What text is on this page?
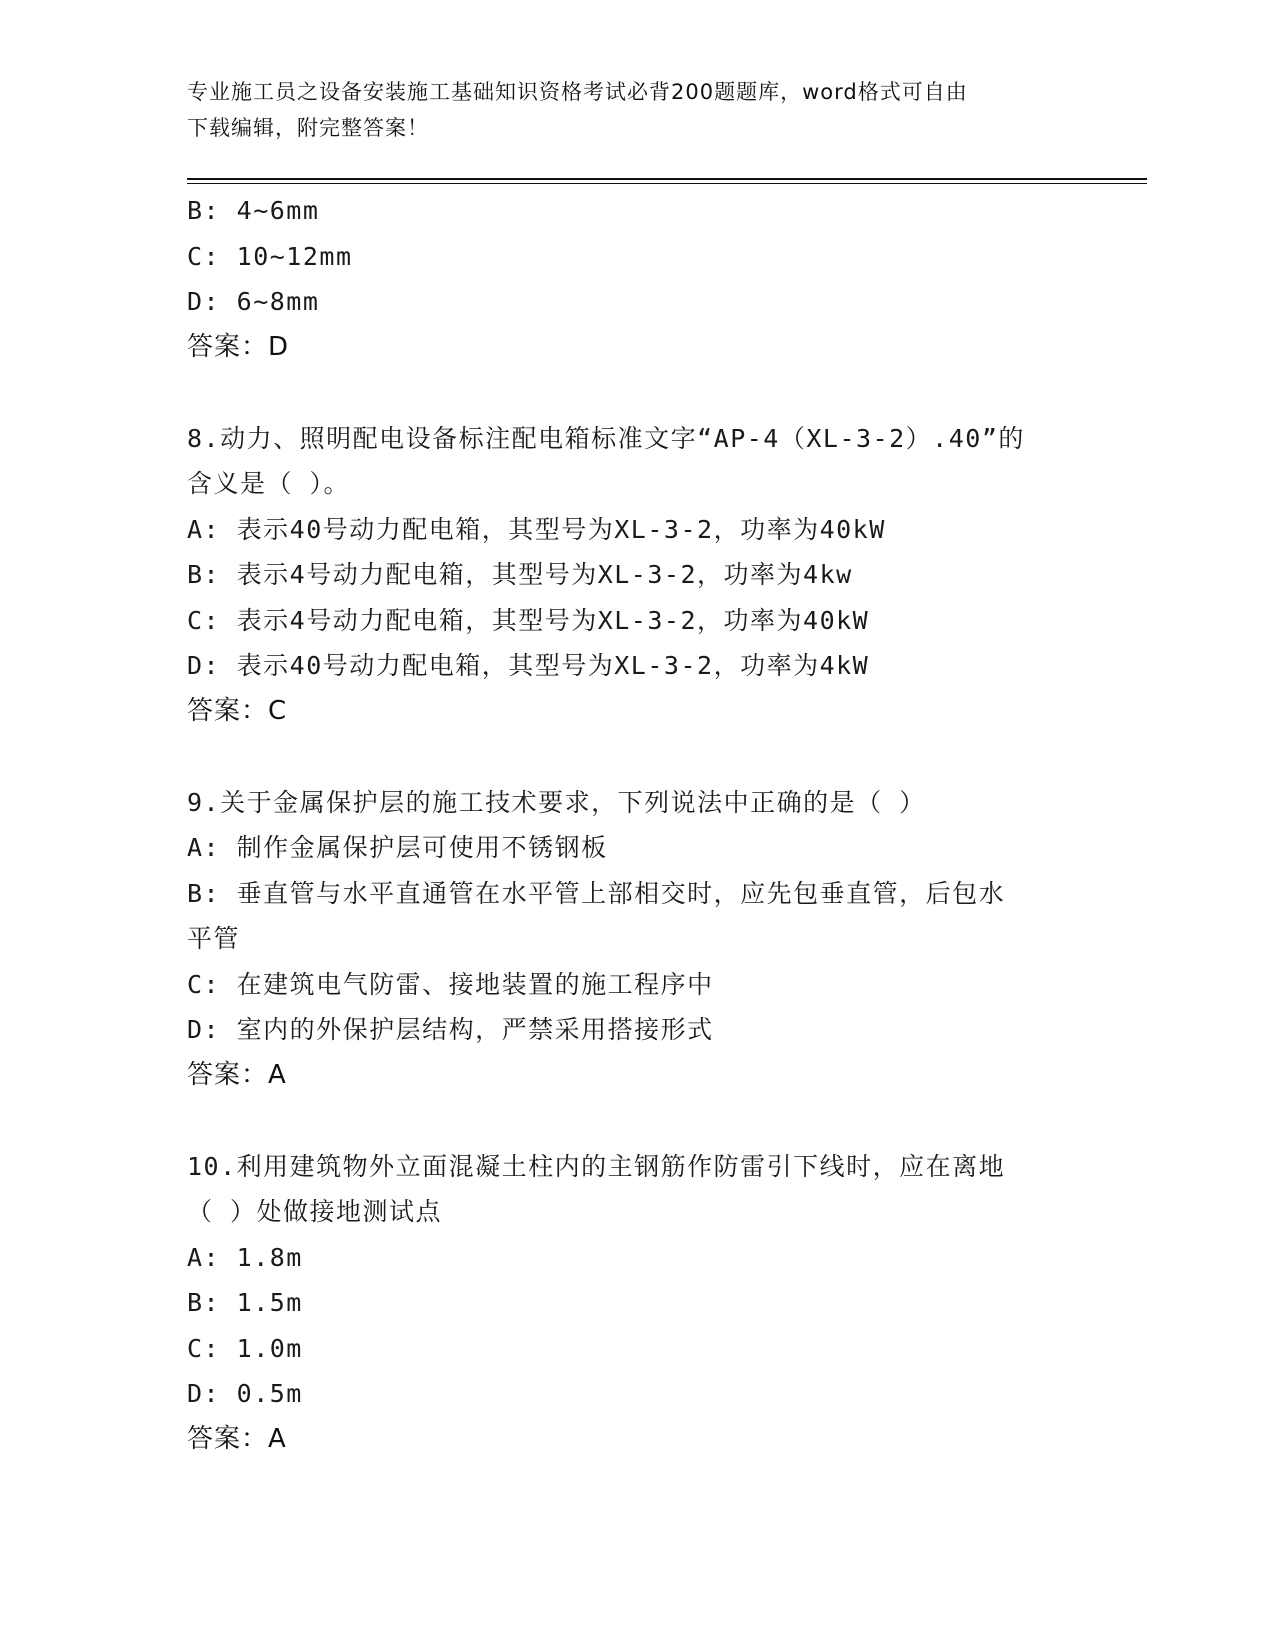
专业施工员之设备安装施工基础知识资格考试必背200题题库，word格式可自由
下载编辑，附完整答案！

B: 4~6mm

C: 10~12mm

D: 6~8mm

答案：D

8.动力、照明配电设备标注配电箱标准文字“AP-4（XL-3-2）.40”的

含义是（ ）。

A: 表示40号动力配电箱，其型号为XL-3-2，功率为40kW

B: 表示4号动力配电箱，其型号为XL-3-2，功率为4kw

C: 表示4号动力配电箱，其型号为XL-3-2，功率为40kW

D: 表示40号动力配电箱，其型号为XL-3-2，功率为4kW

答案：C

9.关于金属保护层的施工技术要求，下列说法中正确的是（ ）

A: 制作金属保护层可使用不锈钢板

B: 垂直管与水平直通管在水平管上部相交时，应先包垂直管，后包水

平管

C: 在建筑电气防雷、接地装置的施工程序中

D: 室内的外保护层结构，严禁采用搭接形式

答案：A

10.利用建筑物外立面混凝土柱内的主钢筋作防雷引下线时，应在离地

（ ）处做接地测试点

A: 1.8m

B: 1.5m

C: 1.0m

D: 0.5m

答案：A
